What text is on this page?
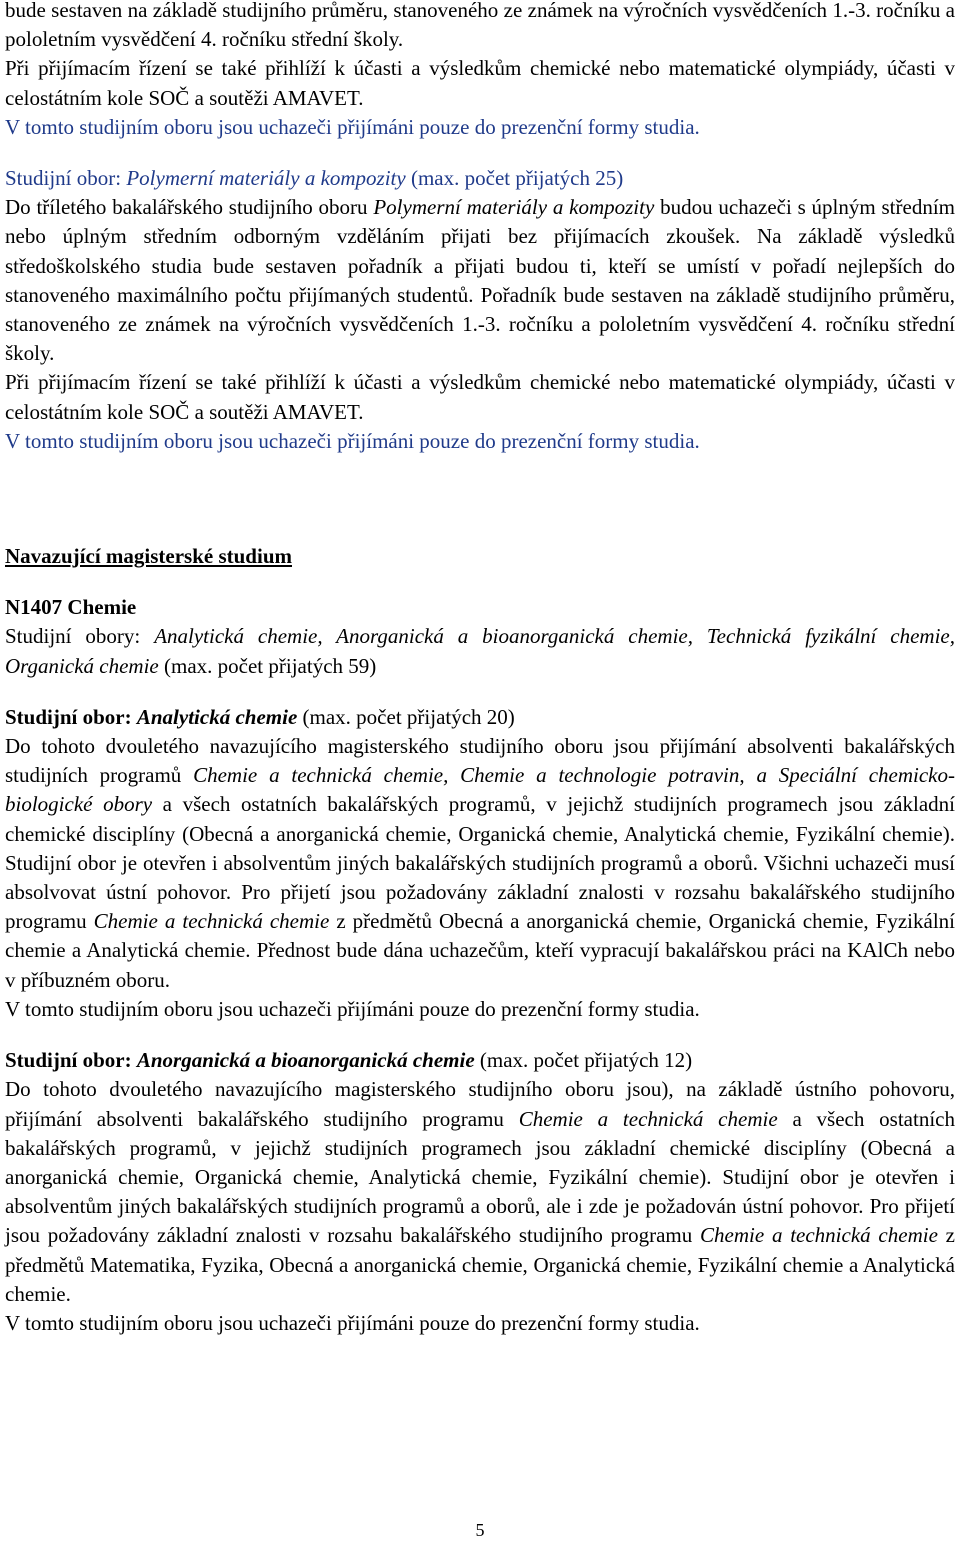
bude sestaven na základě studijního průměru, stanoveného ze známek na výročních vysvědčeních 1.-3. ročníku a pololetním vysvědčení 4. ročníku střední školy.

Při přijímacím řízení se také přihlíží k účasti a výsledkům chemické nebo matematické olympiády, účasti v celostátním kole SOČ a soutěži AMAVET.

V tomto studijním oboru jsou uchazeči přijímáni pouze do prezenční formy studia.

Studijní obor: Polymerní materiály a kompozity (max. počet přijatých 25)

Do tříletého bakalářského studijního oboru Polymerní materiály a kompozity budou uchazeči s úplným středním nebo úplným středním odborným vzděláním přijati bez přijímacích zkoušek. Na základě výsledků středoškolského studia bude sestaven pořadník a přijati budou ti, kteří se umístí v pořadí nejlepších do stanoveného maximálního počtu přijímaných studentů. Pořadník bude sestaven na základě studijního průměru, stanoveného ze známek na výročních vysvědčeních 1.-3. ročníku a pololetním vysvědčení 4. ročníku střední školy.

Při přijímacím řízení se také přihlíží k účasti a výsledkům chemické nebo matematické olympiády, účasti v celostátním kole SOČ a soutěži AMAVET.

V tomto studijním oboru jsou uchazeči přijímáni pouze do prezenční formy studia.

Navazující magisterské studium

N1407 Chemie

Studijní obory: Analytická chemie, Anorganická a bioanorganická chemie, Technická fyzikální chemie, Organická chemie (max. počet přijatých 59)

Studijní obor: Analytická chemie (max. počet přijatých 20)

Do tohoto dvouletého navazujícího magisterského studijního oboru jsou přijímání absolventi bakalářských studijních programů Chemie a technická chemie, Chemie a technologie potravin, a Speciální chemicko-biologické obory a všech ostatních bakalářských programů, v jejichž studijních programech jsou základní chemické disciplíny (Obecná a anorganická chemie, Organická chemie, Analytická chemie, Fyzikální chemie). Studijní obor je otevřen i absolventům jiných bakalářských studijních programů a oborů. Všichni uchazeči musí absolvovat ústní pohovor. Pro přijetí jsou požadovány základní znalosti v rozsahu bakalářského studijního programu Chemie a technická chemie z předmětů Obecná a anorganická chemie, Organická chemie, Fyzikální chemie a Analytická chemie. Přednost bude dána uchazečům, kteří vypracují bakalářskou práci na KAlCh nebo v příbuzném oboru.

V tomto studijním oboru jsou uchazeči přijímáni pouze do prezenční formy studia.

Studijní obor: Anorganická a bioanorganická chemie (max. počet přijatých 12)

Do tohoto dvouletého navazujícího magisterského studijního oboru jsou), na základě ústního pohovoru, přijímání absolventi bakalářského studijního programu Chemie a technická chemie a všech ostatních bakalářských programů, v jejichž studijních programech jsou základní chemické disciplíny (Obecná a anorganická chemie, Organická chemie, Analytická chemie, Fyzikální chemie). Studijní obor je otevřen i absolventům jiných bakalářských studijních programů a oborů, ale i zde je požadován ústní pohovor. Pro přijetí jsou požadovány základní znalosti v rozsahu bakalářského studijního programu Chemie a technická chemie z předmětů Matematika, Fyzika, Obecná a anorganická chemie, Organická chemie, Fyzikální chemie a Analytická chemie.

V tomto studijním oboru jsou uchazeči přijímáni pouze do prezenční formy studia.

5
